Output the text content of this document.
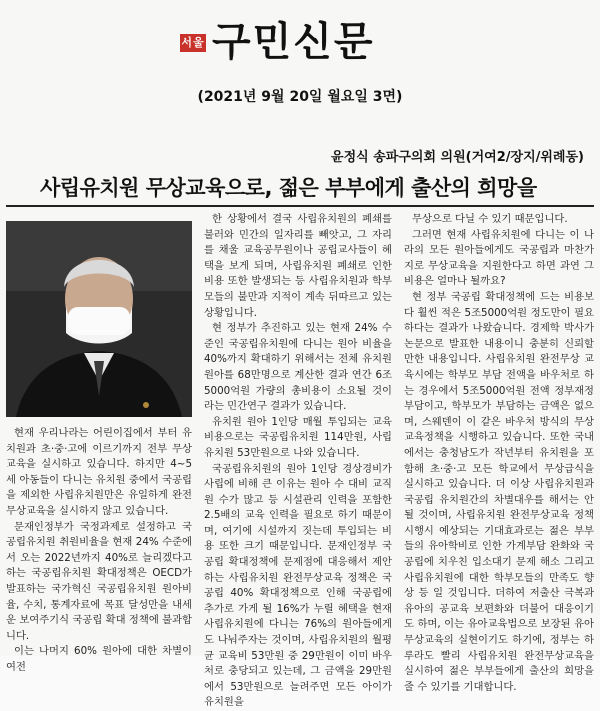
서울 구민신문
(2021년 9월 20일 월요일 3면)
윤정식 송파구의회 의원(거여2/장지/위례동)
사립유치원 무상교육으로, 젊은 부부에게 출산의 희망을

현재 우리나라는 어린이집에서 부터 유치원과 초·중·고에 이르기까지 전부 무상교육을 실시하고 있습니다. 하지만 4~5세 아동들이 다니는 유치원 중에서 국공립을 제외한 사립유치원만은 유일하게 완전무상교육을 실시하지 않고 있습니다.

문재인정부가 국정과제로 설정하고 국공립유치원 취원비율을 현재 24% 수준에서 오는 2022년까지 40%로 늘리겠다고 하는 국공립유치원 확대정책은 OECD가 발표하는 국가혁신 국공립유치원 원아비율, 수치, 통계자료에 목표 달성만을 내세운 보여주기식 국공립 확대 정책에 불과합니다.

이는 나머지 60% 원아에 대한 차별이 여전

한 상황에서 결국 사립유치원의 폐쇄를 불러와 민간의 일자리를 빼앗고, 그 자리를 채울 교육공무원이나 공립교사들이 혜택을 보게 되며, 사립유치원 폐쇄로 인한 비용 또한 발생되는 등 사립유치원과 학부모들의 불만과 지적이 계속 뒤따르고 있는 상황입니다.

현 정부가 추진하고 있는 현재 24% 수준인 국공립유치원에 다니는 원아 비율을 40%까지 확대하기 위해서는 전체 유치원 원아를 68만명으로 계산한 결과 연간 6조5000억원 가량의 총비용이 소요될 것이라는 민간연구 결과가 있습니다.

유치원 원아 1인당 매월 투입되는 교육비용으로는 국공립유치원 114만원, 사립유치원 53만원으로 나와 있습니다.

국공립유치원의 원아 1인당 경상경비가 사립에 비해 큰 이유는 원아 수 대비 교직원 수가 많고 등 시설관리 인력을 포함한 2.5배의 교육 인력을 필요로 하기 때문이며, 여기에 시설까지 짓는데 투입되는 비용 또한 크기 때문입니다. 문재인정부 국공립 확대정책에 문제점에 대응해서 제안하는 사립유치원 완전무상교육 정책은 국공립 40% 확대정책으로 인해 국공립에 추가로 가게 될 16%가 누릴 혜택을 현재 사립유치원에 다니는 76%의 원아들에게도 나눠주자는 것이며, 사립유치원의 월평균 교육비 53만원 중 29만원이 이미 바우처로 충당되고 있는데, 그 금액을 29만원에서 53만원으로 늘려주면 모든 아이가 유치원을

무상으로 다닐 수 있기 때문입니다.

그러면 현재 사립유치원에 다니는 이 나라의 모든 원아들에게도 국공립과 마찬가지로 무상교육을 지원한다고 하면 과연 그 비용은 얼마나 될까요?

현 정부 국공립 확대정책에 드는 비용보다 훨씬 적은 5조5000억원 정도만이 필요하다는 결과가 나왔습니다. 경제학 박사가 논문으로 발표한 내용이니 충분히 신뢰할 만한 내용입니다. 사립유치원 완전무상 교육시에는 학부모 부담 전액을 바우처로 하는 경우에서 5조5000억원 전액 정부재정 부담이고, 학부모가 부담하는 금액은 없으며, 스웨덴이 이 같은 바우처 방식의 무상교육정책을 시행하고 있습니다. 또한 국내에서는 충청남도가 작년부터 유치원을 포함해 초·중·고 모든 학교에서 무상급식을 실시하고 있습니다. 더 이상 사립유치원과 국공립 유치원간의 차별대우를 해서는 안 될 것이며, 사립유치원 완전무상교육 정책 시행시 예상되는 기대효과로는 젊은 부부들의 유아학비로 인한 가계부담 완화와 국공립에 치우친 입소대기 문제 해소 그리고 사립유치원에 대한 학부모들의 만족도 향상 등 일 것입니다. 더하여 저출산 극복과 유아의 공교육 보편화와 더불어 대응이기도 하며, 이는 유아교육법으로 보장된 유아무상교육의 실현이기도 하기에, 정부는 하루라도 빨리 사립유치원 완전무상교육을 실시하여 젊은 부부들에게 출산의 희망을 줄 수 있기를 기대합니다.
